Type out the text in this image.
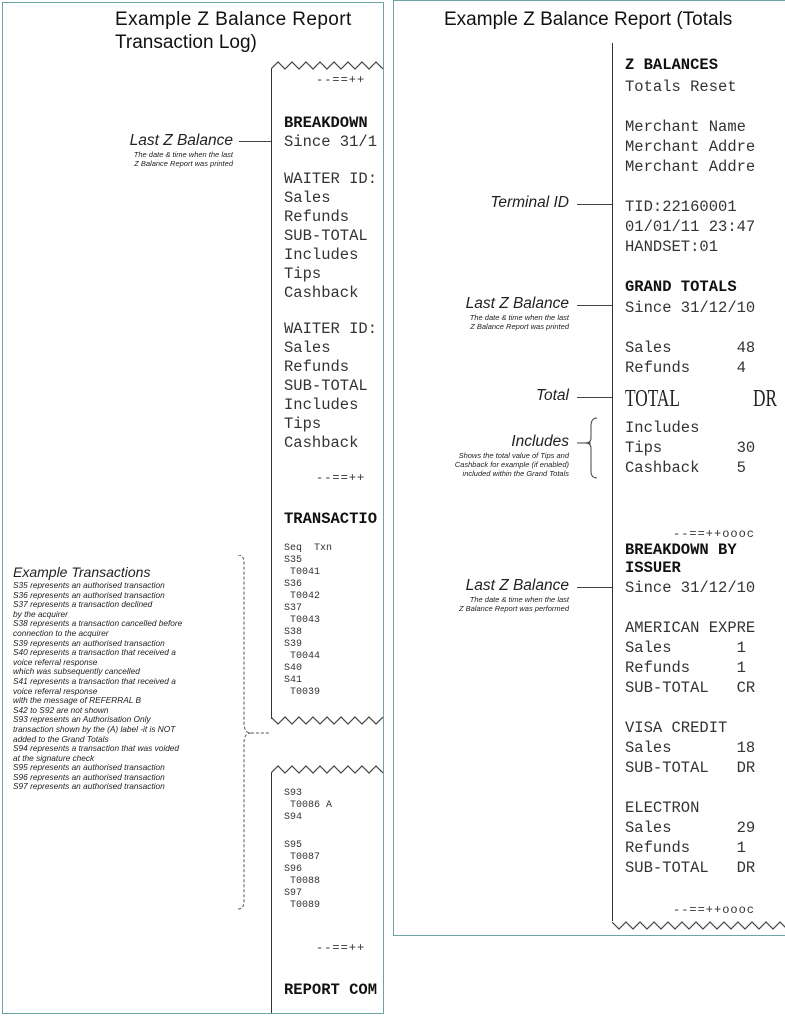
Example Z Balance Report
Transaction Log)
--==++
BREAKDOWN
Since 31/1
WAITER ID:
Sales
Refunds
SUB-TOTAL
Includes
Tips
Cashback
WAITER ID:
Sales
Refunds
SUB-TOTAL
Includes
Tips
Cashback
--==++
TRANSACTIO
Seq  Txn
S35
T0041
S36
T0042
S37
T0043
S38
S39
T0044
S40
S41
T0039
S93
T0086 A
S94
S95
T0087
S96
T0088
S97
T0089
--==++
REPORT COM
Last Z Balance
The date & time when the last
Z Balance Report was printed
Example Transactions
S35 represents an authorised transaction
S36 represents an authorised transaction
S37 represents a transaction declined
by the acquirer
S38 represents a transaction cancelled before
connection to the acquirer
S39 represents an authorised transaction
S40 represents a transaction that received a
voice referral response
which was subsequently cancelled
S41 represents a transaction that received a
voice referral response
with the message of REFERRAL B
S42 to S92 are not shown
S93 represents an Authorisation Only
transaction shown by the (A) label -it is NOT
added to the Grand Totals
S94 represents a transaction that was voided
at the signature check
S95 represents an authorised transaction
S96 represents an authorised transaction
S97 represents an authorised transaction
Example Z Balance Report (Totals
Z BALANCES
Totals Reset
Merchant Name
Merchant Addre
Merchant Addre
TID:22160001
01/01/11 23:47
HANDSET:01
GRAND TOTALS
Since 31/12/10
Sales       48
Refunds     4
TOTAL	DR
Includes
Tips        30
Cashback    5
--==++oooc
BREAKDOWN BY
ISSUER
Since 31/12/10
AMERICAN EXPRE
Sales       1
Refunds     1
SUB-TOTAL   CR
VISA CREDIT
Sales       18
SUB-TOTAL   DR
ELECTRON
Sales       29
Refunds     1
SUB-TOTAL   DR
--==++oooc
Terminal ID
Last Z Balance
The date & time when the last
Z Balance Report was printed
Total
Includes
Shows the total value of Tips and
Cashback for example (if enabled)
included within the Grand Totals
Last Z Balance
The date & time when the last
Z Balance Report was performed
